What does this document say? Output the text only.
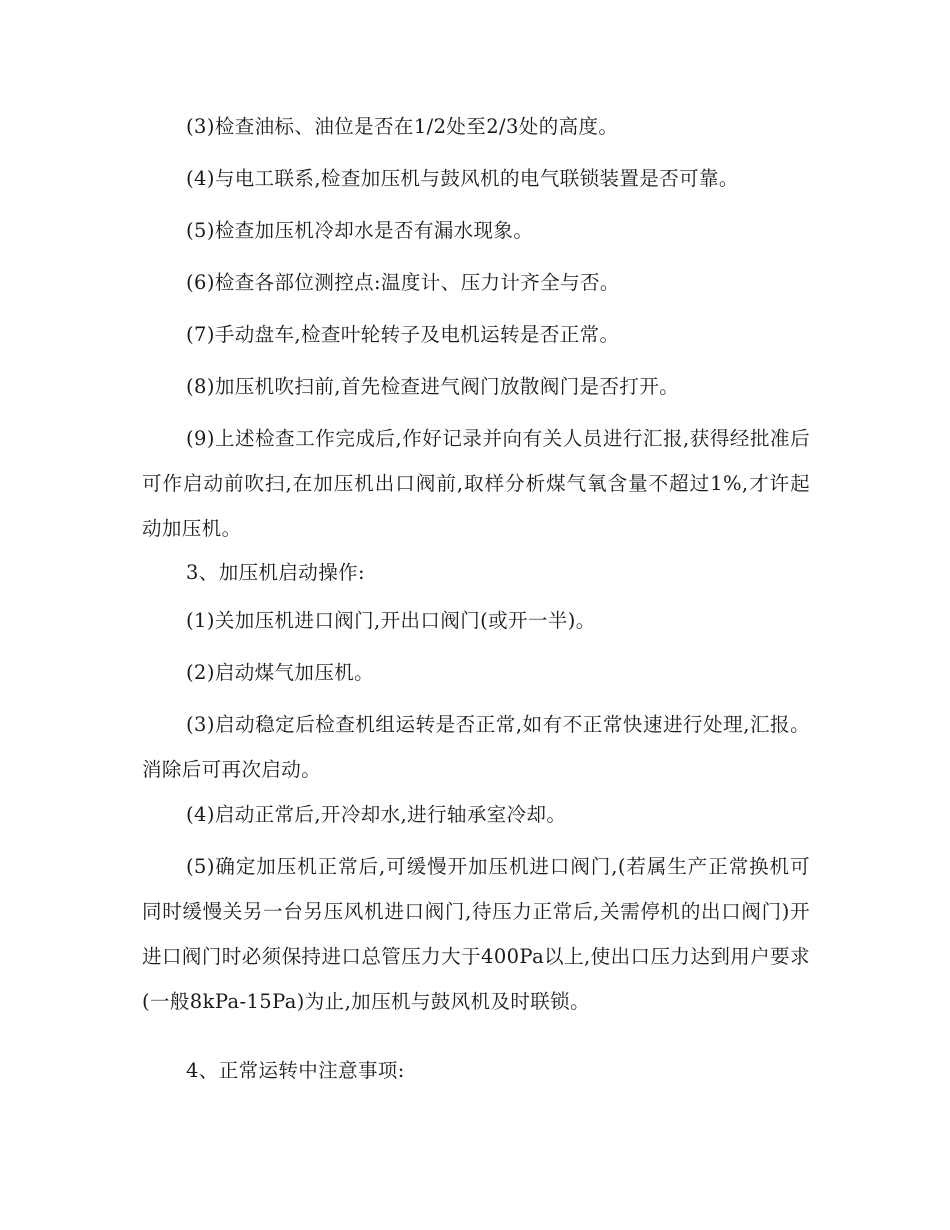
(3)检查油标、油位是否在1/2处至2/3处的高度。

(4)与电工联系,检查加压机与鼓风机的电气联锁装置是否可靠。

(5)检查加压机冷却水是否有漏水现象。

(6)检查各部位测控点:温度计、压力计齐全与否。

(7)手动盘车,检查叶轮转子及电机运转是否正常。

(8)加压机吹扫前,首先检查进气阀门放散阀门是否打开。

(9)上述检查工作完成后,作好记录并向有关人员进行汇报,获得经批准后可作启动前吹扫,在加压机出口阀前,取样分析煤气氧含量不超过1%,才许起动加压机。

3、加压机启动操作:

(1)关加压机进口阀门,开出口阀门(或开一半)。

(2)启动煤气加压机。

(3)启动稳定后检查机组运转是否正常,如有不正常快速进行处理,汇报。消除后可再次启动。

(4)启动正常后,开冷却水,进行轴承室冷却。

(5)确定加压机正常后,可缓慢开加压机进口阀门,(若属生产正常换机可同时缓慢关另一台另压风机进口阀门,待压力正常后,关需停机的出口阀门)开进口阀门时必须保持进口总管压力大于400Pa以上,使出口压力达到用户要求(一般8kPa-15Pa)为止,加压机与鼓风机及时联锁。

4、正常运转中注意事项:
